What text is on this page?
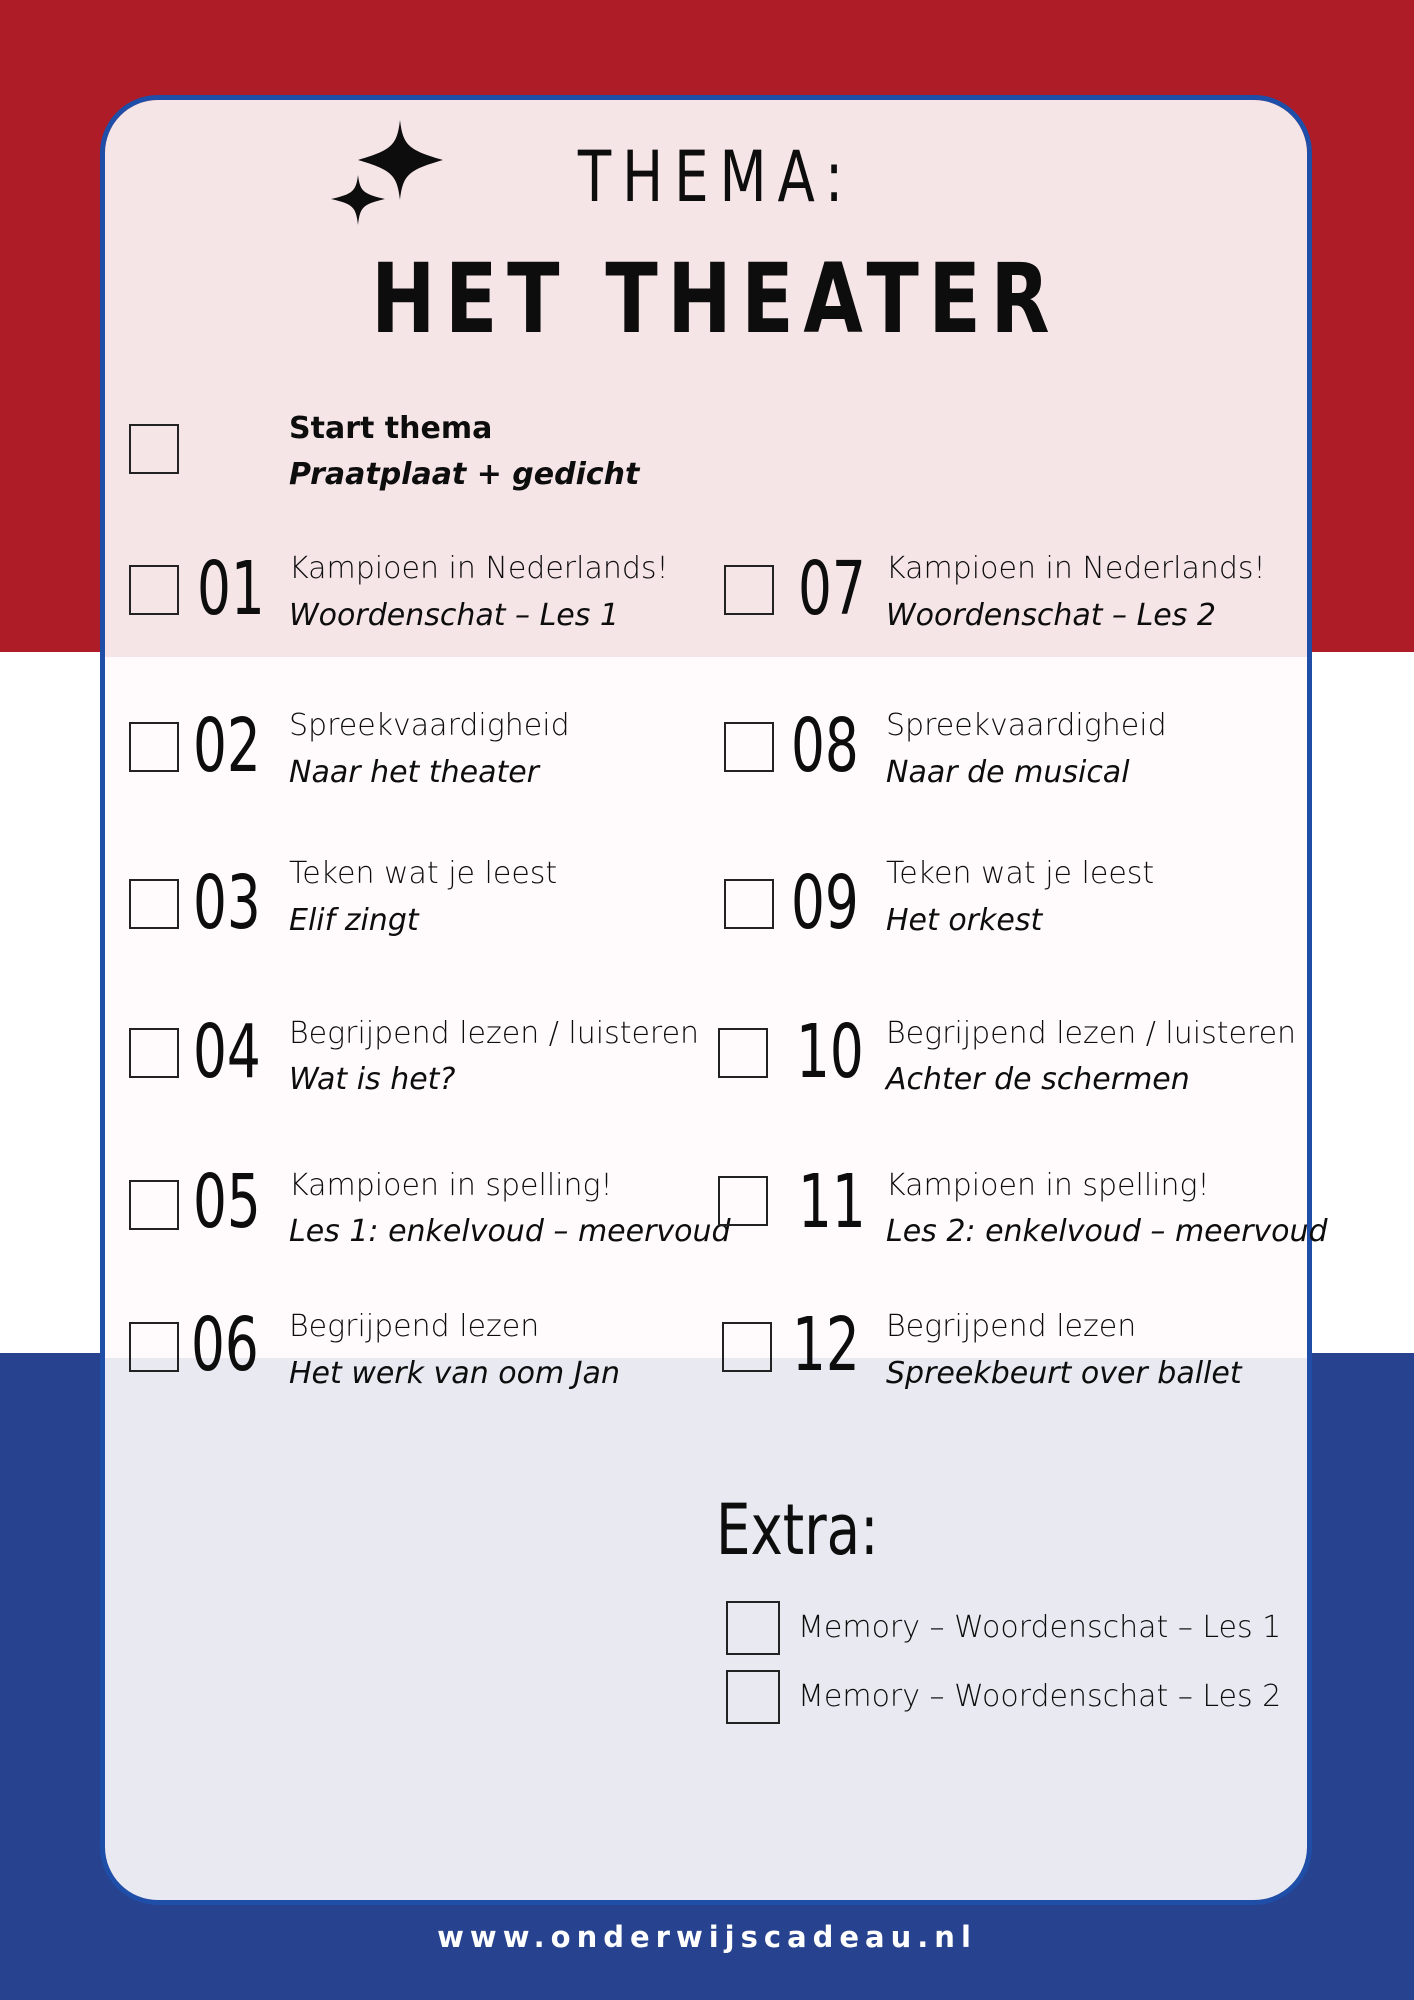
THEMA:
HET THEATER
Start thema
Praatplaat + gedicht
01 Kampioen in Nederlands!
Woordenschat – Les 1
02 Spreekvaardigheid
Naar het theater
03 Teken wat je leest
Elif zingt
04 Begrijpend lezen / luisteren
Wat is het?
05 Kampioen in spelling!
Les 1: enkelvoud – meervoud
06 Begrijpend lezen
Het werk van oom Jan
07 Kampioen in Nederlands!
Woordenschat – Les 2
08 Spreekvaardigheid
Naar de musical
09 Teken wat je leest
Het orkest
10 Begrijpend lezen / luisteren
Achter de schermen
11 Kampioen in spelling!
Les 2: enkelvoud – meervoud
12 Begrijpend lezen
Spreekbeurt over ballet
Extra:
Memory – Woordenschat – Les 1
Memory – Woordenschat – Les 2
www.onderwijscadeau.nl
